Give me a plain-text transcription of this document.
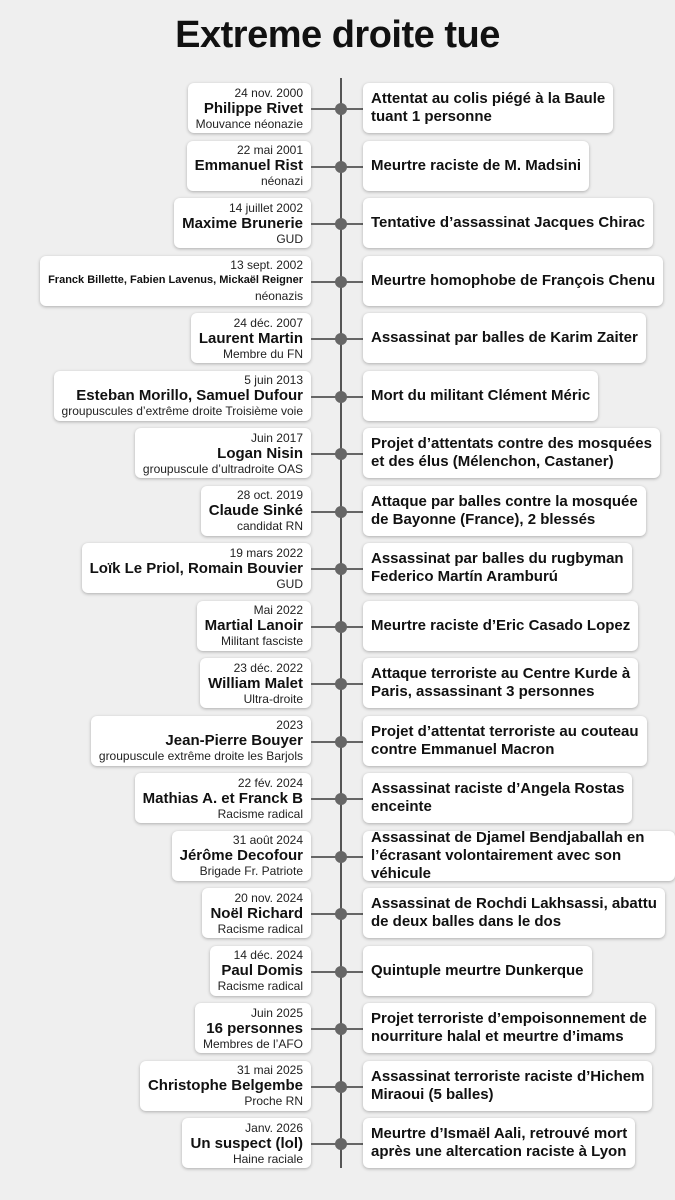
Extreme droite tue
24 nov. 2000
Philippe Rivet
Mouvance néonazie
Attentat au colis piégé à la Baule
tuant 1 personne
22 mai 2001
Emmanuel Rist
néonazi
Meurtre raciste de M. Madsini
14 juillet 2002
Maxime Brunerie
GUD
Tentative d’assassinat Jacques Chirac
13 sept. 2002
Franck Billette, Fabien Lavenus, Mickaël Reigner
néonazis
Meurtre homophobe de François Chenu
24 déc. 2007
Laurent Martin
Membre du FN
Assassinat par balles de Karim Zaiter
5 juin 2013
Esteban Morillo, Samuel Dufour
groupuscules d’extrême droite Troisième voie
Mort du militant Clément Méric
Juin 2017
Logan Nisin
groupuscule d’ultradroite OAS
Projet d’attentats contre des mosquées
et des élus (Mélenchon, Castaner)
28 oct. 2019
Claude Sinké
candidat RN
Attaque par balles contre la mosquée
de Bayonne (France), 2 blessés
19 mars 2022
Loïk Le Priol, Romain Bouvier
GUD
Assassinat par balles du rugbyman
Federico Martín Aramburú
Mai 2022
Martial Lanoir
Militant fasciste
Meurtre raciste d’Eric Casado Lopez
23 déc. 2022
William Malet
Ultra-droite
Attaque terroriste au Centre Kurde à
Paris, assassinant 3 personnes
2023
Jean-Pierre Bouyer
groupuscule extrême droite les Barjols
Projet d’attentat terroriste au couteau
contre Emmanuel Macron
22 fév. 2024
Mathias A. et Franck B
Racisme radical
Assassinat raciste d’Angela Rostas
enceinte
31 août 2024
Jérôme Decofour
Brigade Fr. Patriote
Assassinat de Djamel Bendjaballah en
l’écrasant volontairement avec son véhicule
20 nov. 2024
Noël Richard
Racisme radical
Assassinat de Rochdi Lakhsassi, abattu
de deux balles dans le dos
14 déc. 2024
Paul Domis
Racisme radical
Quintuple meurtre Dunkerque
Juin 2025
16 personnes
Membres de l’AFO
Projet terroriste d’empoisonnement de
nourriture halal et meurtre d’imams
31 mai 2025
Christophe Belgembe
Proche RN
Assassinat terroriste raciste d’Hichem
Miraoui (5 balles)
Janv. 2026
Un suspect (lol)
Haine raciale
Meurtre d’Ismaël Aali, retrouvé mort
après une altercation raciste à Lyon
